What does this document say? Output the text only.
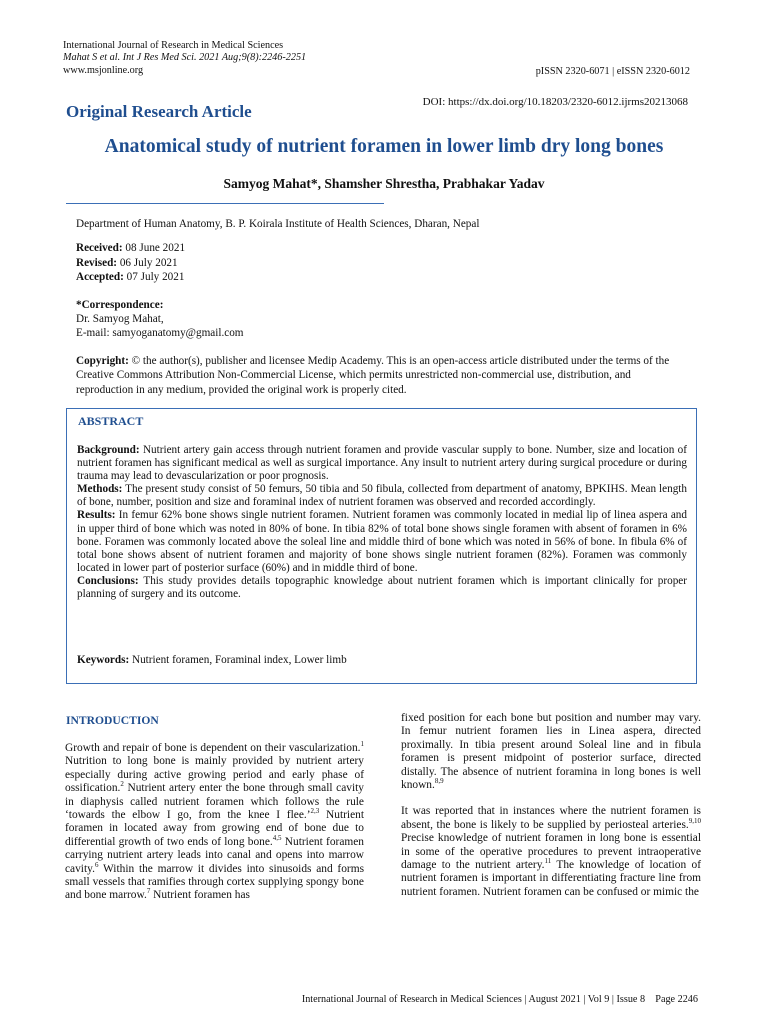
International Journal of Research in Medical Sciences
Mahat S et al. Int J Res Med Sci. 2021 Aug;9(8):2246-2251
www.msjonline.org	pISSN 2320-6071 | eISSN 2320-6012
DOI: https://dx.doi.org/10.18203/2320-6012.ijrms20213068
Original Research Article
Anatomical study of nutrient foramen in lower limb dry long bones
Samyog Mahat*, Shamsher Shrestha, Prabhakar Yadav
Department of Human Anatomy, B. P. Koirala Institute of Health Sciences, Dharan, Nepal
Received: 08 June 2021
Revised: 06 July 2021
Accepted: 07 July 2021
*Correspondence:
Dr. Samyog Mahat,
E-mail: samyoganatomy@gmail.com
Copyright: © the author(s), publisher and licensee Medip Academy. This is an open-access article distributed under the terms of the Creative Commons Attribution Non-Commercial License, which permits unrestricted non-commercial use, distribution, and reproduction in any medium, provided the original work is properly cited.
ABSTRACT

Background: Nutrient artery gain access through nutrient foramen and provide vascular supply to bone. Number, size and location of nutrient foramen has significant medical as well as surgical importance. Any insult to nutrient artery during surgical procedure or during trauma may lead to devascularization or poor prognosis.

Methods: The present study consist of 50 femurs, 50 tibia and 50 fibula, collected from department of anatomy, BPKIHS. Mean length of bone, number, position and size and foraminal index of nutrient foramen was observed and recorded accordingly.

Results: In femur 62% bone shows single nutrient foramen. Nutrient foramen was commonly located in medial lip of linea aspera and in upper third of bone which was noted in 80% of bone. In tibia 82% of total bone shows single foramen with absent of foramen in 6% bone. Foramen was commonly located above the soleal line and middle third of bone which was noted in 56% of bone. In fibula 6% of total bone shows absent of nutrient foramen and majority of bone shows single nutrient foramen (82%). Foramen was commonly located in lower part of posterior surface (60%) and in middle third of bone.

Conclusions: This study provides details topographic knowledge about nutrient foramen which is important clinically for proper planning of surgery and its outcome.

Keywords: Nutrient foramen, Foraminal index, Lower limb
INTRODUCTION

Growth and repair of bone is dependent on their vascularization.$^1$ Nutrition to long bone is mainly provided by nutrient artery especially during active growing period and early phase of ossification.$^2$ Nutrient artery enter the bone through small cavity in diaphysis called nutrient foramen which follows the rule ‘towards the elbow I go, from the knee I flee.’$^{2,3}$ Nutrient foramen in located away from growing end of bone due to differential growth of two ends of long bone.$^{4,5}$ Nutrient foramen carrying nutrient artery leads into canal and opens into marrow cavity.$^6$ Within the marrow it divides into sinusoids and forms small vessels that ramifies through cortex supplying spongy bone and bone marrow.$^7$ Nutrient foramen has

fixed position for each bone but position and number may vary. In femur nutrient foramen lies in Linea aspera, directed proximally. In tibia present around Soleal line and in fibula foramen is present midpoint of posterior surface, directed distally. The absence of nutrient foramina in long bones is well known.$^{8,9}$

It was reported that in instances where the nutrient foramen is absent, the bone is likely to be supplied by periosteal arteries.$^{9,10}$ Precise knowledge of nutrient foramen in long bone is essential in some of the operative procedures to prevent intraoperative damage to the nutrient artery.$^{11}$ The knowledge of location of nutrient foramen is important in differentiating fracture line from nutrient foramen. Nutrient foramen can be confused or mimic the

International Journal of Research in Medical Sciences | August 2021 | Vol 9 | Issue 8    Page 2246
